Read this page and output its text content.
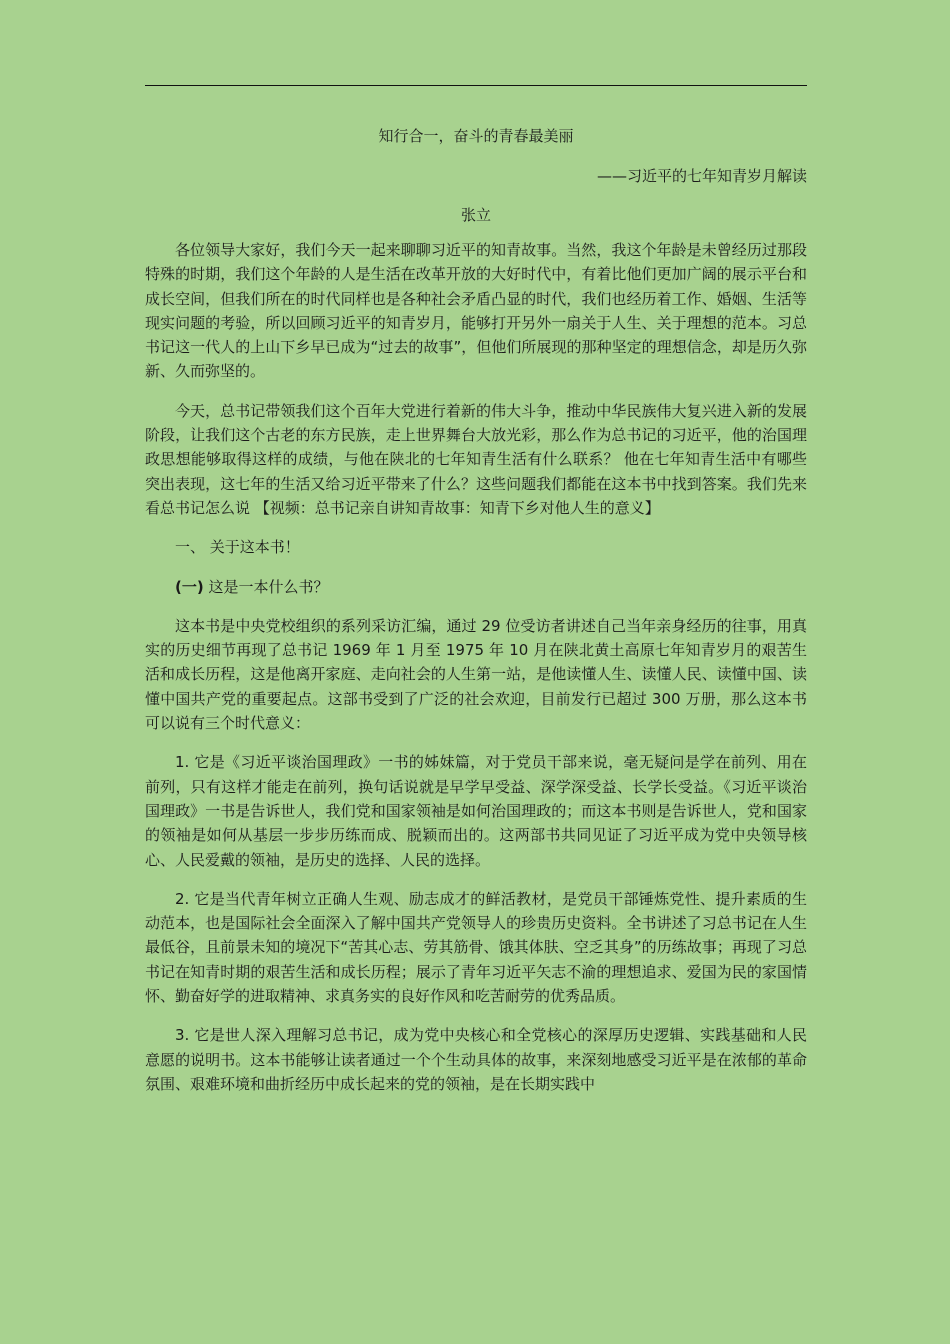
知行合一，奋斗的青春最美丽
——习近平的七年知青岁月解读
张立

各位领导大家好，我们今天一起来聊聊习近平的知青故事。当然，我这个年龄是未曾经历过那段特殊的时期，我们这个年龄的人是生活在改革开放的大好时代中，有着比他们更加广阔的展示平台和成长空间，但我们所在的时代同样也是各种社会矛盾凸显的时代，我们也经历着工作、婚姻、生活等现实问题的考验，所以回顾习近平的知青岁月，能够打开另外一扇关于人生、关于理想的范本。习总书记这一代人的上山下乡早已成为“过去的故事”，但他们所展现的那种坚定的理想信念，却是历久弥新、久而弥坚的。

今天，总书记带领我们这个百年大党进行着新的伟大斗争，推动中华民族伟大复兴进入新的发展阶段，让我们这个古老的东方民族，走上世界舞台大放光彩，那么作为总书记的习近平，他的治国理政思想能够取得这样的成绩，与他在陕北的七年知青生活有什么联系？ 他在七年知青生活中有哪些突出表现，这七年的生活又给习近平带来了什么？这些问题我们都能在这本书中找到答案。我们先来看总书记怎么说 【视频：总书记亲自讲知青故事：知青下乡对他人生的意义】

一、 关于这本书！

(一) 这是一本什么书？

这本书是中央党校组织的系列采访汇编，通过 29 位受访者讲述自己当年亲身经历的往事，用真实的历史细节再现了总书记 1969 年 1 月至 1975 年 10 月在陕北黄土高原七年知青岁月的艰苦生活和成长历程，这是他离开家庭、走向社会的人生第一站，是他读懂人生、读懂人民、读懂中国、读懂中国共产党的重要起点。这部书受到了广泛的社会欢迎，目前发行已超过 300 万册，那么这本书可以说有三个时代意义：

1. 它是《习近平谈治国理政》一书的姊妹篇，对于党员干部来说，毫无疑问是学在前列、用在前列，只有这样才能走在前列，换句话说就是早学早受益、深学深受益、长学长受益。《习近平谈治国理政》一书是告诉世人，我们党和国家领袖是如何治国理政的；而这本书则是告诉世人，党和国家的领袖是如何从基层一步步历练而成、脱颖而出的。这两部书共同见证了习近平成为党中央领导核心、人民爱戴的领袖，是历史的选择、人民的选择。

2. 它是当代青年树立正确人生观、励志成才的鲜活教材，是党员干部锤炼党性、提升素质的生动范本，也是国际社会全面深入了解中国共产党领导人的珍贵历史资料。全书讲述了习总书记在人生最低谷，且前景未知的境况下“苦其心志、劳其筋骨、饿其体肤、空乏其身”的历练故事；再现了习总书记在知青时期的艰苦生活和成长历程；展示了青年习近平矢志不渝的理想追求、爱国为民的家国情怀、勤奋好学的进取精神、求真务实的良好作风和吃苦耐劳的优秀品质。

3. 它是世人深入理解习总书记，成为党中央核心和全党核心的深厚历史逻辑、实践基础和人民意愿的说明书。这本书能够让读者通过一个个生动具体的故事，来深刻地感受习近平是在浓郁的革命氛围、艰难环境和曲折经历中成长起来的党的领袖，是在长期实践中
